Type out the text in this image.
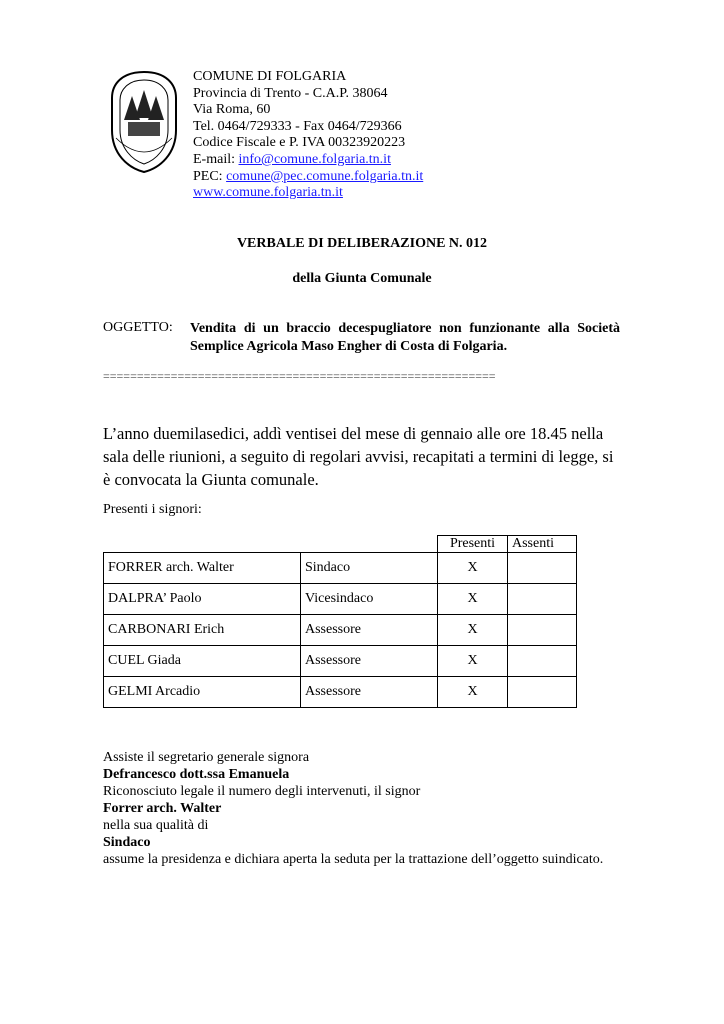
COMUNE DI FOLGARIA
Provincia di Trento - C.A.P. 38064
Via Roma, 60
Tel. 0464/729333 - Fax 0464/729366
Codice Fiscale e P. IVA 00323920223
E-mail: info@comune.folgaria.tn.it
PEC: comune@pec.comune.folgaria.tn.it
www.comune.folgaria.tn.it
VERBALE DI DELIBERAZIONE N. 012
della Giunta Comunale
OGGETTO: Vendita di un braccio decespugliatore non funzionante alla Società Semplice Agricola Maso Engher di Costa di Folgaria.
==========================================================
L’anno duemilasedici, addì ventisei del mese di gennaio alle ore 18.45 nella sala delle riunioni, a seguito di regolari avvisi, recapitati a termini di legge, si è convocata la Giunta comunale.
Presenti i signori:
		Presenti	Assenti
FORRER arch. Walter	Sindaco	X	
DALPRA’ Paolo	Vicesindaco	X	
CARBONARI Erich	Assessore	X	
CUEL Giada	Assessore	X	
GELMI Arcadio	Assessore	X	
Assiste il segretario generale signora
Defrancesco dott.ssa Emanuela
Riconosciuto legale il numero degli intervenuti, il signor
Forrer arch. Walter
nella sua qualità di
Sindaco
assume la presidenza e dichiara aperta la seduta per la trattazione dell’oggetto suindicato.
